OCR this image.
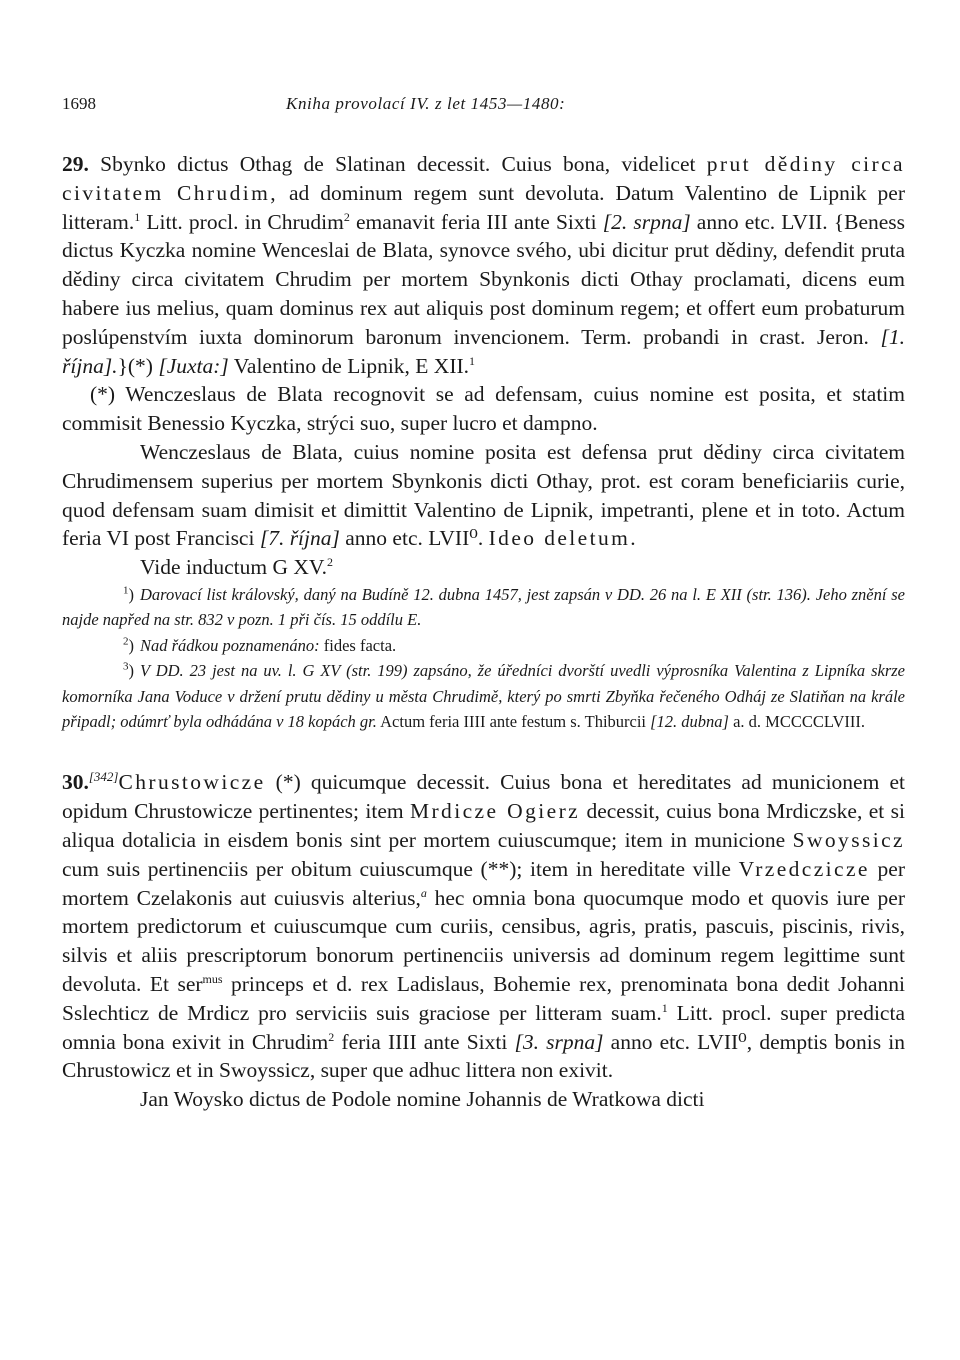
1698	Kniha provolací IV. z let 1453—1480:

29. Sbynko dictus Othag de Slatinan decessit. Cuius bona, videlicet prut dědiny circa civitatem Chrudim, ad dominum regem sunt devoluta. Datum Valentino de Lipnik per litteram.$^1$ Litt. procl. in Chrudim$^2$ emanavit feria III ante Sixti [2. srpna] anno etc. LVII. {Beness dictus Kyczka nomine Wenceslai de Blata, synovce svého, ubi dicitur prut dědiny, defendit pruta dědiny circa civitatem Chrudim per mortem Sbynkonis dicti Othay proclamati, dicens eum habere ius melius, quam dominus rex aut aliquis post dominum regem; et offert eum probaturum poslúpenstvím iuxta dominorum baronum invencionem. Term. probandi in crast. Jeron. [1. října].}(*) [Juxta:] Valentino de Lipnik, E XII.$^1$

(*) Wenczeslaus de Blata recognovit se ad defensam, cuius nomine est posita, et statim commisit Benessio Kyczka, strýci suo, super lucro et dampno.

Wenczeslaus de Blata, cuius nomine posita est defensa prut dědiny circa civitatem Chrudimensem superius per mortem Sbynkonis dicti Othay, prot. est coram beneficiariis curie, quod defensam suam dimisit et dimittit Valentino de Lipnik, impetranti, plene et in toto. Actum feria VI post Francisci [7. října] anno etc. LVII⁰. Ideo deletum.

Vide inductum G XV.$^2$

$^1$) Darovací list královský, daný na Budíně 12. dubna 1457, jest zapsán v DD. 26 na l. E XII (str. 136). Jeho znění se najde napřed na str. 832 v pozn. 1 při čís. 15 oddílu E.

$^2$) Nad řádkou poznamenáno: fides facta.

$^3$) V DD. 23 jest na uv. l. G XV (str. 199) zapsáno, že úředníci dvorští uvedli výprosníka Valentina z Lipníka skrze komorníka Jana Voduce v držení prutu dědiny u města Chrudimě, který po smrti Zbyňka řečeného Odháj ze Slatiňan na krále připadl; odúmrť byla odhádána v 18 kopách gr. Actum feria IIII ante festum s. Thiburcii [12. dubna] a. d. MCCCCLVIII.

30.[342]Chrustowicze (*) quicumque decessit. Cuius bona et hereditates ad municionem et opidum Chrustowicze pertinentes; item Mrdicze Ogierz decessit, cuius bona Mrdiczske, et si aliqua dotalicia in eisdem bonis sint per mortem cuiuscumque; item in municione Swoyssicz cum suis pertinenciis per obitum cuiuscumque (**); item in hereditate ville Vrzedczicze per mortem Czelakonis aut cuiusvis alterius,$^a$ hec omnia bona quocumque modo et quovis iure per mortem predictorum et cuiuscumque cum curiis, censibus, agris, pratis, pascuis, piscinis, rivis, silvis et aliis prescriptorum bonorum pertinenciis universis ad dominum regem legittime sunt devoluta. Et ser$^{mus}$ princeps et d. rex Ladislaus, Bohemie rex, prenominata bona dedit Johanni Sslechticz de Mrdicz pro serviciis suis graciose per litteram suam.$^1$ Litt. procl. super predicta omnia bona exivit in Chrudim$^2$ feria IIII ante Sixti [3. srpna] anno etc. LVII⁰, demptis bonis in Chrustowicz et in Swoyssicz, super que adhuc littera non exivit.

Jan Woysko dictus de Podole nomine Johannis de Wratkowa dicti
